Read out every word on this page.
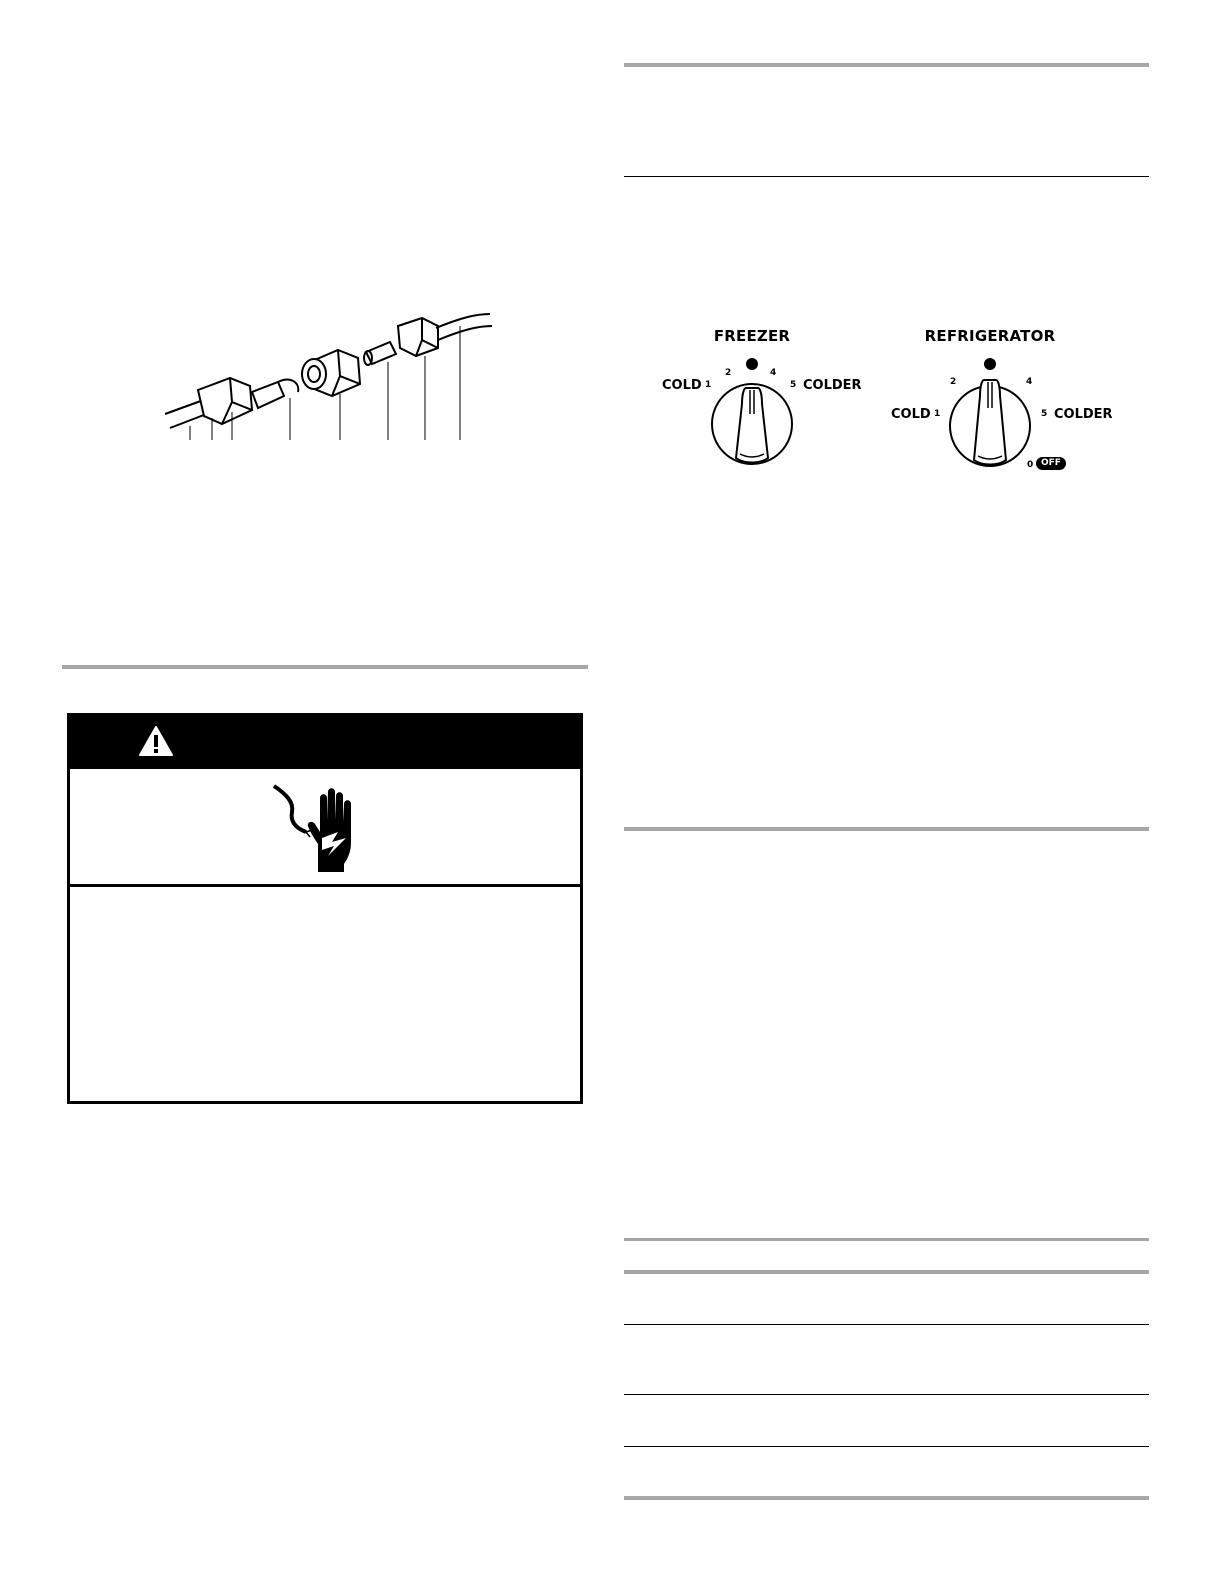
FREEZER
COLD 1
2	4
5 COLDER
REFRIGERATOR
2	4
COLD 1	5 COLDER
0 OFF
